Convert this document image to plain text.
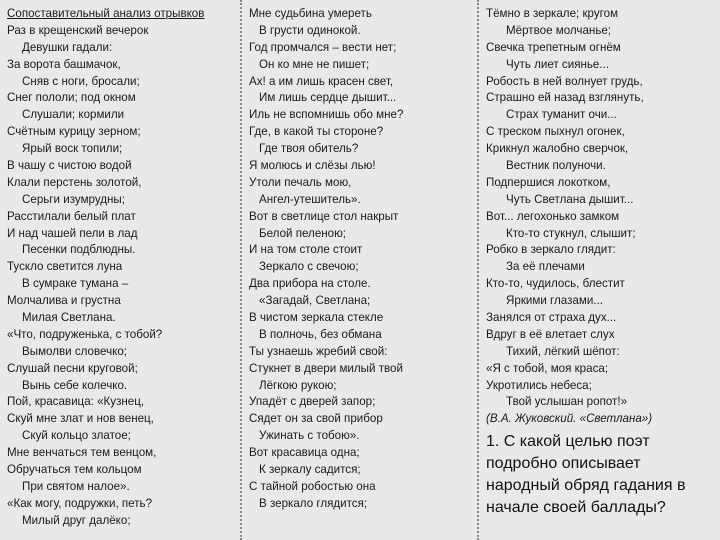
Сопоставительный анализ отрывков
Раз в крещенский вечерок
Девушки гадали:
За ворота башмачок,
Сняв с ноги, бросали;
Снег пололи; под окном
Слушали; кормили
Счётным курицу зерном;
Ярый воск топили;
В чашу с чистою водой
Клали перстень золотой,
Серьги изумрудны;
Расстилали белый плат
И над чашей пели в лад
Песенки подблюдны.
Тускло светится луна
В сумраке тумана –
Молчалива и грустна
Милая Светлана.
«Что, подруженька, с тобой?
Вымолви словечко;
Слушай песни круговой;
Вынь себе колечко.
Пой, красавица: «Кузнец,
Скуй мне злат и нов венец,
Скуй кольцо златое;
Мне венчаться тем венцом,
Обручаться тем кольцом
При святом налое».
«Как могу, подружки, петь?
Милый друг далёко;
Мне судьбина умереть
В грусти одинокой.
Год промчался – вести нет;
Он ко мне не пишет;
Ах! а им лишь красен свет,
Им лишь сердце дышит...
Иль не вспомнишь обо мне?
Где, в какой ты стороне?
Где твоя обитель?
Я молюсь и слёзы лью!
Утоли печаль мою,
Ангел-утешитель».
Вот в светлице стол накрыт
Белой пеленою;
И на том столе стоит
Зеркало с свечою;
Два прибора на столе.
«Загадай, Светлана;
В чистом зеркала стекле
В полночь, без обмана
Ты узнаешь жребий свой:
Стукнет в двери милый твой
Лёгкою рукою;
Упадёт с дверей запор;
Сядет он за свой прибор
Ужинать с тобою».
Вот красавица одна;
К зеркалу садится;
С тайной робостью она
В зеркало глядится;
Тёмно в зеркале; кругом
Мёртвое молчанье;
Свечка трепетным огнём
Чуть лиет сиянье...
Робость в ней волнует грудь,
Страшно ей назад взглянуть,
Страх туманит очи...
С треском пыхнул огонек,
Крикнул жалобно сверчок,
Вестник полуночи.
Подпершися локотком,
Чуть Светлана дышит...
Вот... легохонько замком
Кто-то стукнул, слышит;
Робко в зеркало глядит:
За её плечами
Кто-то, чудилось, блестит
Яркими глазами...
Занялся от страха дух...
Вдруг в её влетает слух
Тихий, лёгкий шёпот:
«Я с тобой, моя краса;
Укротились небеса;
Твой услышан ропот!»
(В.А. Жуковский. «Светлана»)
1. С какой целью поэт подробно описывает народный обряд гадания в начале своей баллады?
